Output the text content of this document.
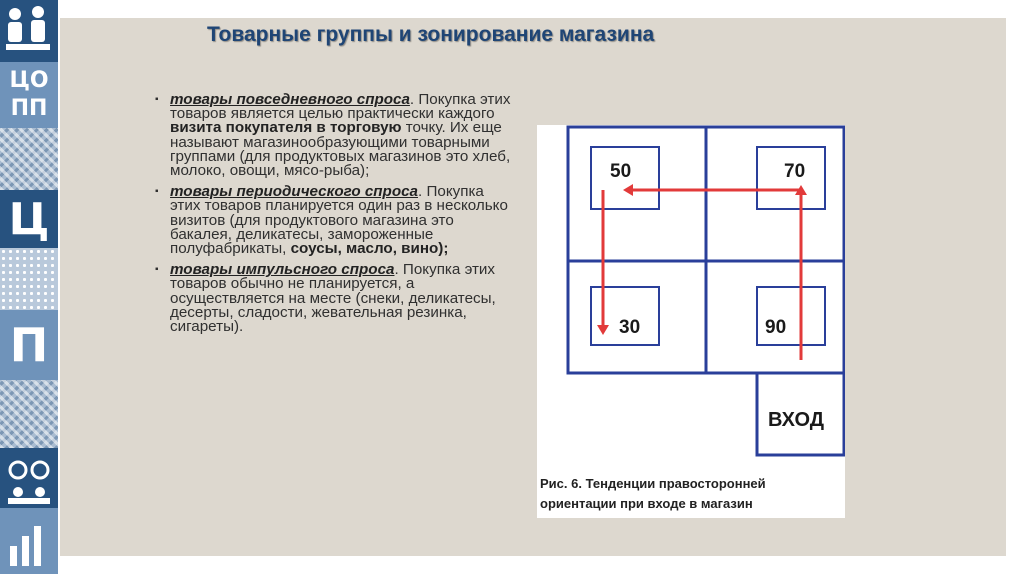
ЦО
ПП
Ц
П
Товарные группы и зонирование магазина
▪ товары повседневного спроса. Покупка этих товаров является целью практически каждого визита покупателя в торговую точку. Их еще называют магазинообразующими товарными группами (для продуктовых магазинов это хлеб, молоко, овощи, мясо-рыба);
▪ товары периодического спроса. Покупка этих товаров планируется один раз в несколько визитов (для продуктового магазина это бакалея, деликатесы, замороженные полуфабрикаты, соусы, масло, вино);
▪ товары импульсного спроса. Покупка этих товаров обычно не планируется, а осуществляется на месте (снеки, деликатесы, десерты, сладости, жевательная резинка, сигареты).
50	70
30	90
ВХОД
Рис. 6. Тенденции правосторонней
ориентации при входе в магазин
